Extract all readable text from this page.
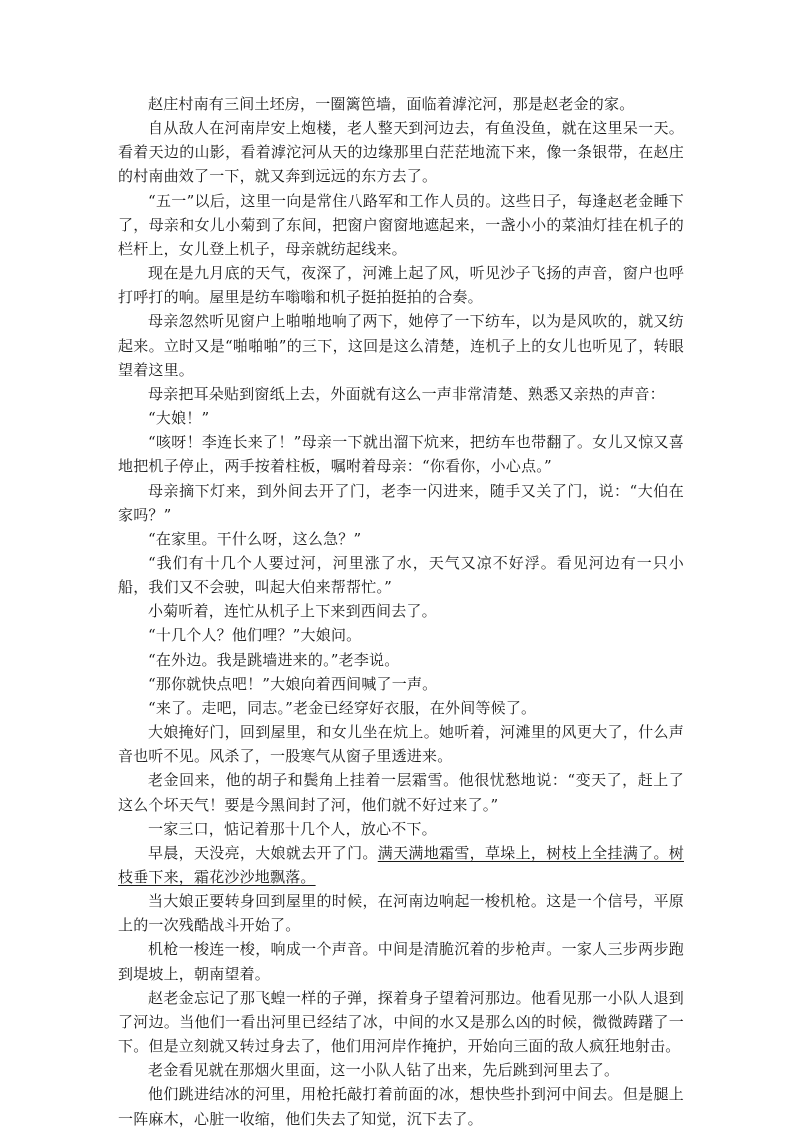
赵庄村南有三间土坯房，一圈篱笆墙，面临着滹沱河，那是赵老金的家。

自从敌人在河南岸安上炮楼，老人整天到河边去，有鱼没鱼，就在这里呆一天。看着天边的山影，看着滹沱河从天的边缘那里白茫茫地流下来，像一条银带，在赵庄的村南曲效了一下，就又奔到远远的东方去了。

“五一”以后，这里一向是常住八路军和工作人员的。这些日子，每逢赵老金睡下了，母亲和女儿小菊到了东间，把窗户窗窗地遮起来，一盏小小的菜油灯挂在机子的栏杆上，女儿登上机子，母亲就纺起线来。

现在是九月底的天气，夜深了，河滩上起了风，听见沙子飞扬的声音，窗户也呼打呼打的响。屋里是纺车嗡嗡和机子挺拍挺拍的合奏。

母亲忽然听见窗户上啪啪地响了两下，她停了一下纺车，以为是风吹的，就又纺起来。立时又是“啪啪啪”的三下，这回是这么清楚，连机子上的女儿也听见了，转眼望着这里。

母亲把耳朵贴到窗纸上去，外面就有这么一声非常清楚、熟悉又亲热的声音：

“大娘！”

“咳呀！李连长来了！”母亲一下就出溜下炕来，把纺车也带翻了。女儿又惊又喜地把机子停止，两手按着柱板，嘱咐着母亲：“你看你，小心点。”

母亲摘下灯来，到外间去开了门，老李一闪进来，随手又关了门，说：“大伯在家吗？”

“在家里。干什么呀，这么急？”

“我们有十几个人要过河，河里涨了水，天气又凉不好浮。看见河边有一只小船，我们又不会驶，叫起大伯来帮帮忙。”

小菊听着，连忙从机子上下来到西间去了。

“十几个人？他们哩？”大娘问。

“在外边。我是跳墙进来的。”老李说。

“那你就快点吧！”大娘向着西间喊了一声。

“来了。走吧，同志。”老金已经穿好衣服，在外间等候了。

大娘掩好门，回到屋里，和女儿坐在炕上。她听着，河滩里的风更大了，什么声音也听不见。风杀了，一股寒气从窗子里透进来。

老金回来，他的胡子和鬓角上挂着一层霜雪。他很忧愁地说：“变天了，赶上了这么个坏天气！要是今黑间封了河，他们就不好过来了。”

一家三口，惦记着那十几个人，放心不下。

早晨，天没亮，大娘就去开了门。满天满地霜雪，草垛上，树枝上全挂满了。树枝垂下来，霜花沙沙地飘落。

当大娘正要转身回到屋里的时候，在河南边响起一梭机枪。这是一个信号，平原上的一次残酷战斗开始了。

机枪一梭连一梭，响成一个声音。中间是清脆沉着的步枪声。一家人三步两步跑到堤坡上，朝南望着。

赵老金忘记了那飞蝗一样的子弹，探着身子望着河那边。他看见那一小队人退到了河边。当他们一看出河里已经结了冰，中间的水又是那么凶的时候，微微踌躇了一下。但是立刻就又转过身去了，他们用河岸作掩护，开始向三面的敌人疯狂地射击。

老金看见就在那烟火里面，这一小队人钻了出来，先后跳到河里去了。

他们跳进结冰的河里，用枪托敲打着前面的冰，想快些扑到河中间去。但是腿上一阵麻木，心脏一收缩，他们失去了知觉，沉下去了。
